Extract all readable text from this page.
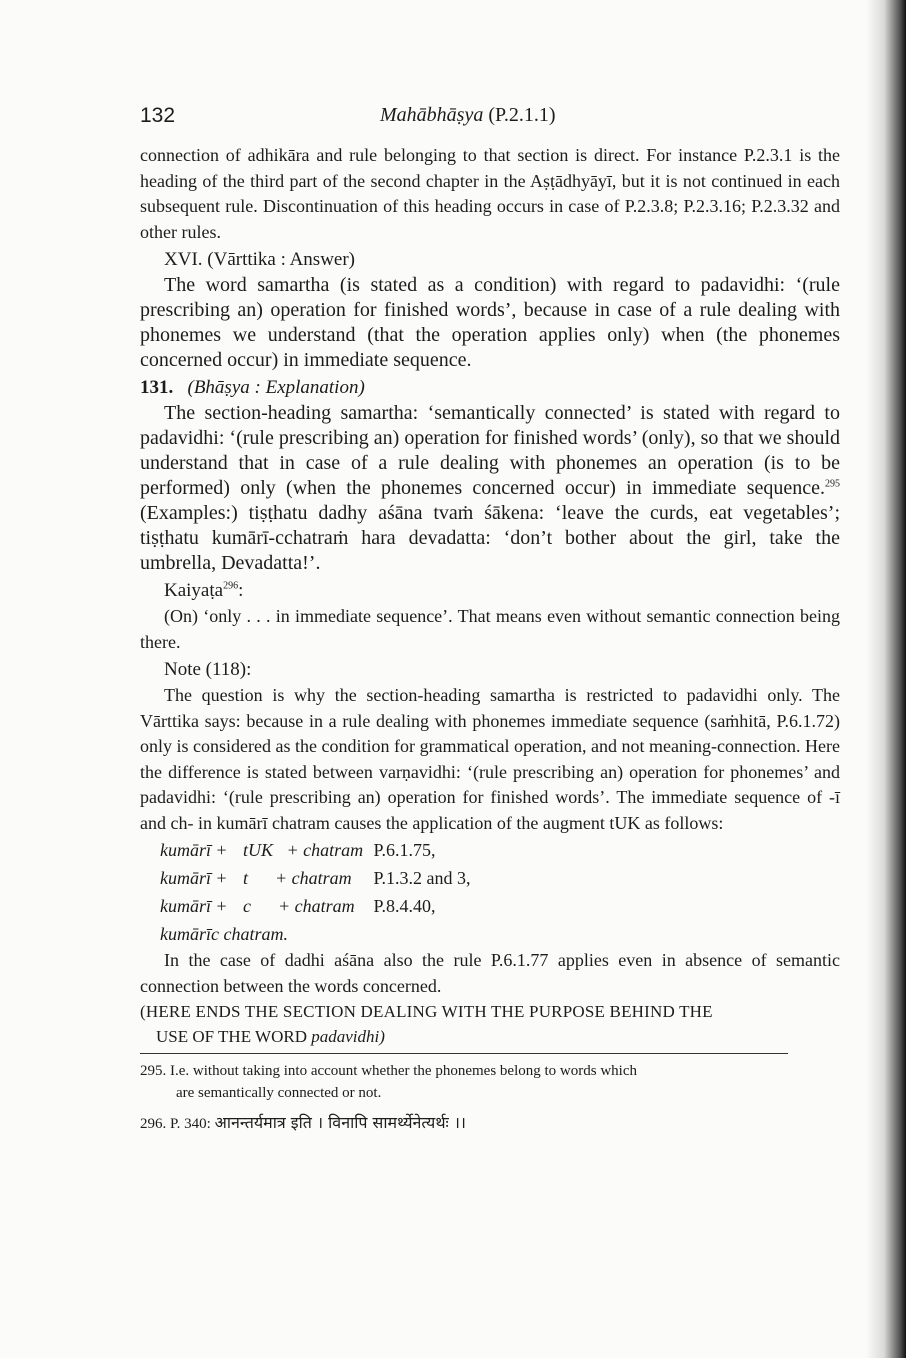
132	Mahābhāṣya (P.2.1.1)

connection of adhikāra and rule belonging to that section is direct. For instance P.2.3.1 is the heading of the third part of the second chapter in the Aṣṭādhyāyī, but it is not continued in each subsequent rule. Discontinuation of this heading occurs in case of P.2.3.8; P.2.3.16; P.2.3.32 and other rules.

XVI. (Vārttika : Answer)

The word samartha (is stated as a condition) with regard to padavidhi: ‘(rule prescribing an) operation for finished words’, because in case of a rule dealing with phonemes we understand (that the operation applies only) when (the phonemes concerned occur) in immediate sequence.

131. (Bhāṣya : Explanation)

The section-heading samartha: ‘semantically connected’ is stated with regard to padavidhi: ‘(rule prescribing an) operation for finished words’ (only), so that we should understand that in case of a rule dealing with phonemes an operation (is to be performed) only (when the phonemes concerned occur) in immediate sequence.$^{295}$ (Examples:) tiṣṭhatu dadhy aśāna tvaṁ śākena: ‘leave the curds, eat vegetables’; tiṣṭhatu kumārī-cchatraṁ hara devadatta: ‘don’t bother about the girl, take the umbrella, Devadatta!’.

Kaiyaṭa$^{296}$:

(On) ‘only . . . in immediate sequence’. That means even without semantic connection being there.

Note (118):

The question is why the section-heading samartha is restricted to padavidhi only. The Vārttika says: because in a rule dealing with phonemes immediate sequence (saṁhitā, P.6.1.72) only is considered as the condition for grammatical operation, and not meaning-connection. Here the difference is stated between varṇavidhi: ‘(rule prescribing an) operation for phonemes’ and padavidhi: ‘(rule prescribing an) operation for finished words’. The immediate sequence of -ī and ch- in kumārī chatram causes the application of the augment tUK as follows:

kumārī + tUK + chatram P.6.1.75,
kumārī + t + chatram P.1.3.2 and 3,
kumārī + c + chatram P.8.4.40,
kumārīc chatram.

In the case of dadhi aśāna also the rule P.6.1.77 applies even in absence of semantic connection between the words concerned.

(HERE ENDS THE SECTION DEALING WITH THE PURPOSE BEHIND THE
USE OF THE WORD padavidhi)
295. I.e. without taking into account whether the phonemes belong to words which
are semantically connected or not.
296. P. 340: आनन्तर्यमात्र इति । विनापि सामर्थ्येनेत्यर्थः ।।
